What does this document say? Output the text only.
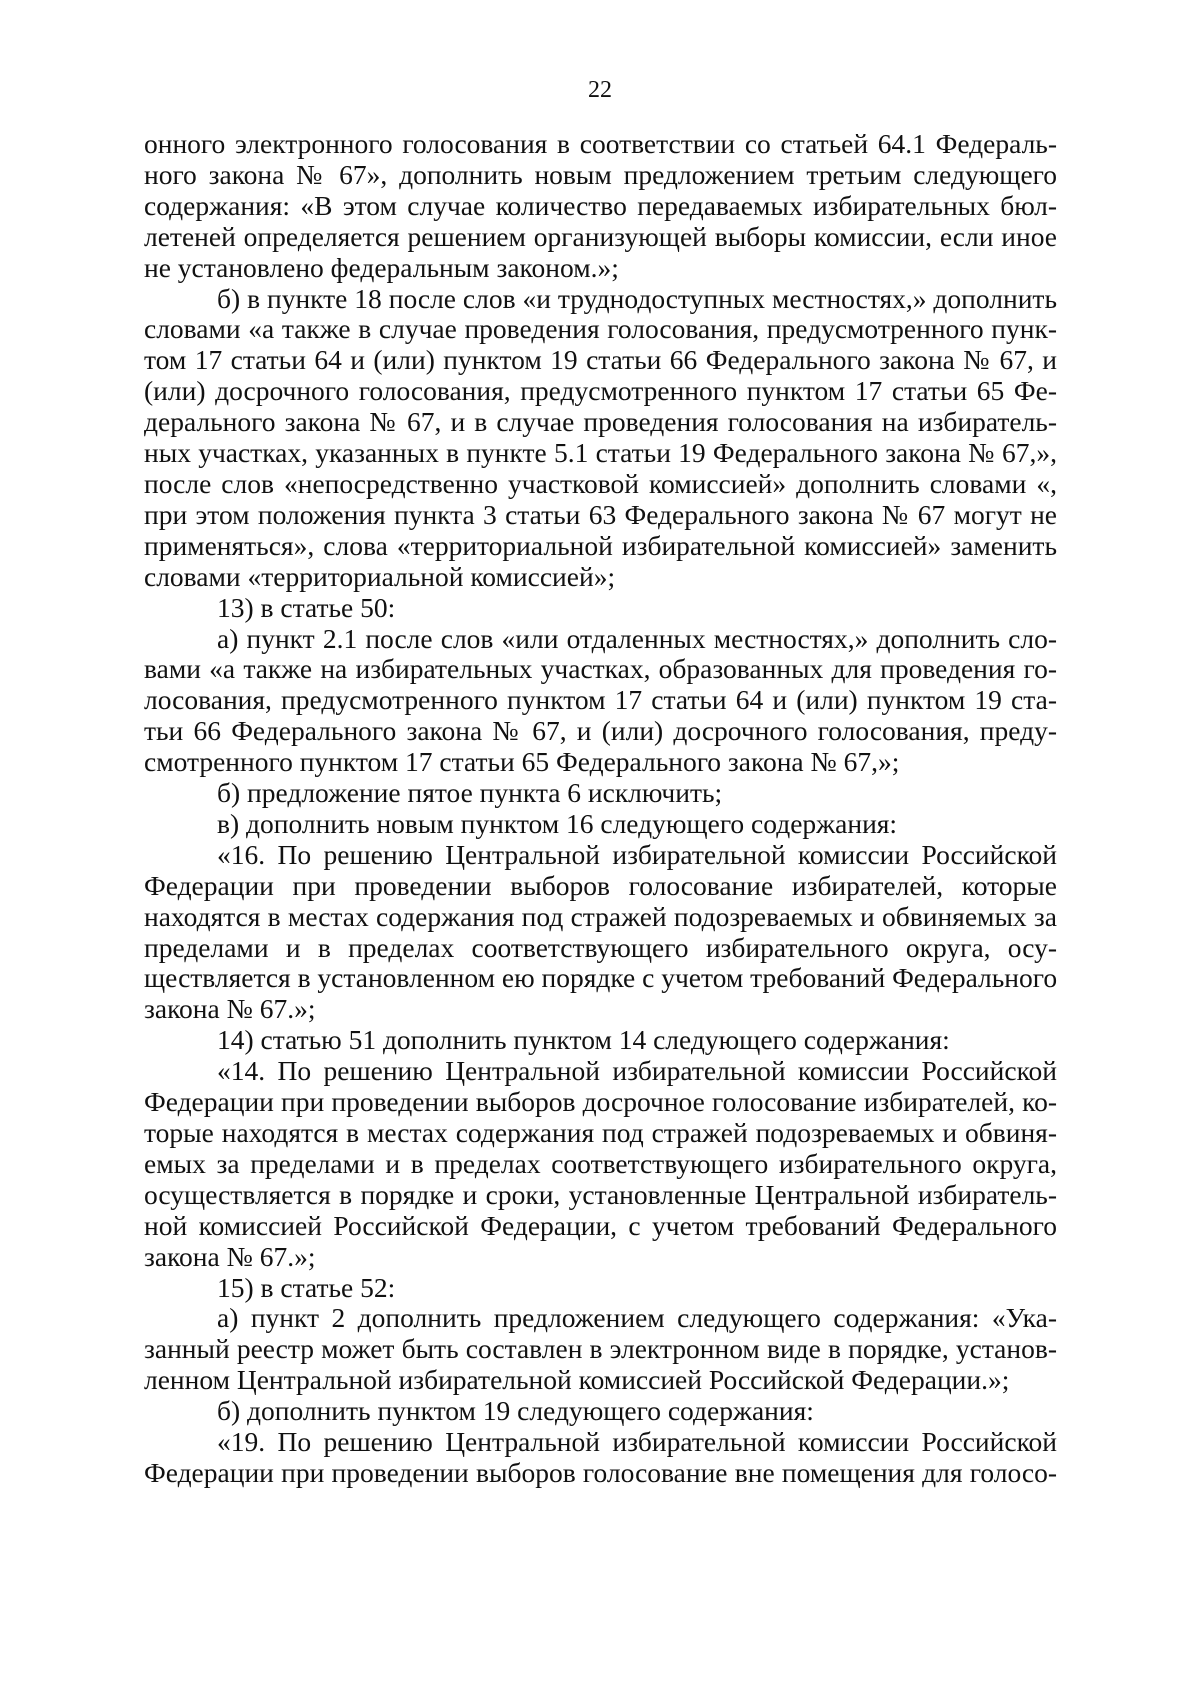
22
онного электронного голосования в соответствии со статьей 64.1 Федераль-
ного закона № 67», дополнить новым предложением третьим следующего
содержания: «В этом случае количество передаваемых избирательных бюл-
летеней определяется решением организующей выборы комиссии, если иное
не установлено федеральным законом.»;
б) в пункте 18 после слов «и труднодоступных местностях,» дополнить
словами «а также в случае проведения голосования, предусмотренного пунк-
том 17 статьи 64 и (или) пунктом 19 статьи 66 Федерального закона № 67, и
(или) досрочного голосования, предусмотренного пунктом 17 статьи 65 Фе-
дерального закона № 67, и в случае проведения голосования на избиратель-
ных участках, указанных в пункте 5.1 статьи 19 Федерального закона № 67,»,
после слов «непосредственно участковой комиссией» дополнить словами «,
при этом положения пункта 3 статьи 63 Федерального закона № 67 могут не
применяться», слова «территориальной избирательной комиссией» заменить
словами «территориальной комиссией»;
13) в статье 50:
а) пункт 2.1 после слов «или отдаленных местностях,» дополнить сло-
вами «а также на избирательных участках, образованных для проведения го-
лосования, предусмотренного пунктом 17 статьи 64 и (или) пунктом 19 ста-
тьи 66 Федерального закона № 67, и (или) досрочного голосования, преду-
смотренного пунктом 17 статьи 65 Федерального закона № 67,»;
б) предложение пятое пункта 6 исключить;
в) дополнить новым пунктом 16 следующего содержания:
«16. По решению Центральной избирательной комиссии Российской
Федерации при проведении выборов голосование избирателей, которые
находятся в местах содержания под стражей подозреваемых и обвиняемых за
пределами и в пределах соответствующего избирательного округа, осу-
ществляется в установленном ею порядке с учетом требований Федерального
закона № 67.»;
14) статью 51 дополнить пунктом 14 следующего содержания:
«14. По решению Центральной избирательной комиссии Российской
Федерации при проведении выборов досрочное голосование избирателей, ко-
торые находятся в местах содержания под стражей подозреваемых и обвиня-
емых за пределами и в пределах соответствующего избирательного округа,
осуществляется в порядке и сроки, установленные Центральной избиратель-
ной комиссией Российской Федерации, с учетом требований Федерального
закона № 67.»;
15) в статье 52:
а) пункт 2 дополнить предложением следующего содержания: «Ука-
занный реестр может быть составлен в электронном виде в порядке, установ-
ленном Центральной избирательной комиссией Российской Федерации.»;
б) дополнить пунктом 19 следующего содержания:
«19. По решению Центральной избирательной комиссии Российской
Федерации при проведении выборов голосование вне помещения для голосо-
